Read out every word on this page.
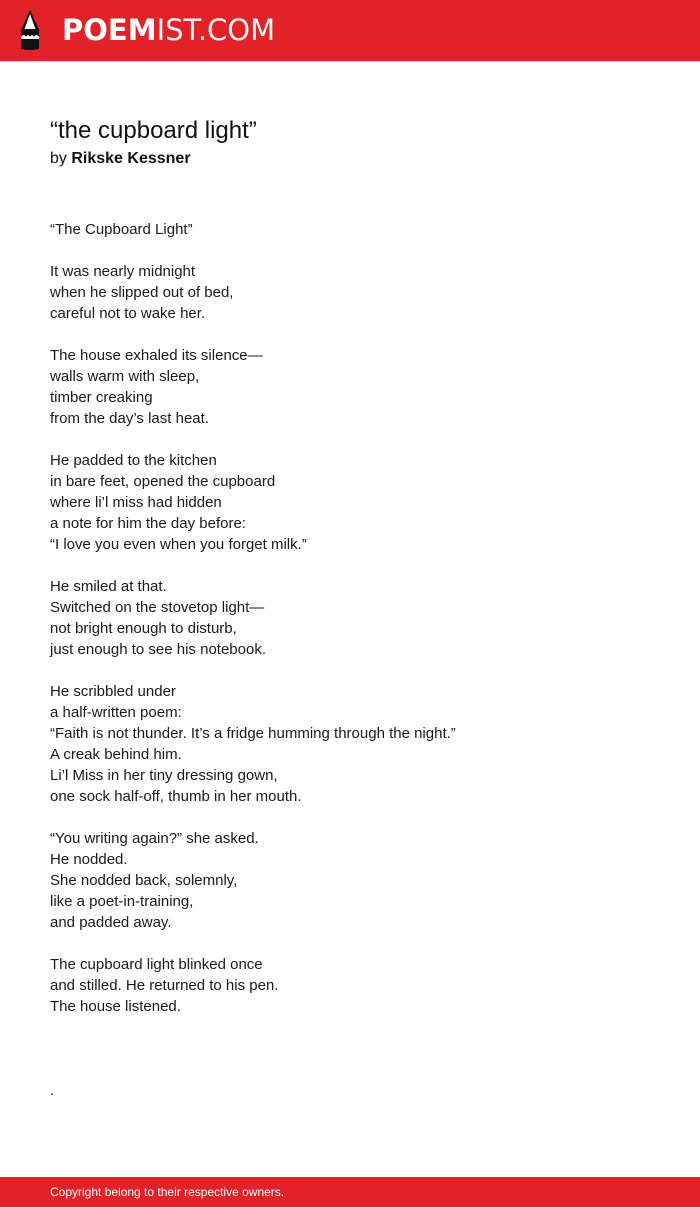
POEMIST.COM
“the cupboard light”
by Rikske Kessner
“The Cupboard Light”
It was nearly midnight
when he slipped out of bed,
careful not to wake her.
The house exhaled its silence—
walls warm with sleep,
timber creaking
from the day’s last heat.
He padded to the kitchen
in bare feet, opened the cupboard
where li’l miss had hidden
a note for him the day before:
“I love you even when you forget milk.”
He smiled at that.
Switched on the stovetop light—
not bright enough to disturb,
just enough to see his notebook.
He scribbled under
a half-written poem:
“Faith is not thunder. It’s a fridge humming through the night.”
A creak behind him.
Li’l Miss in her tiny dressing gown,
one sock half-off, thumb in her mouth.
“You writing again?” she asked.
He nodded.
She nodded back, solemnly,
like a poet-in-training,
and padded away.
The cupboard light blinked once
and stilled. He returned to his pen.
The house listened.
.
Copyright belong to their respective owners.
